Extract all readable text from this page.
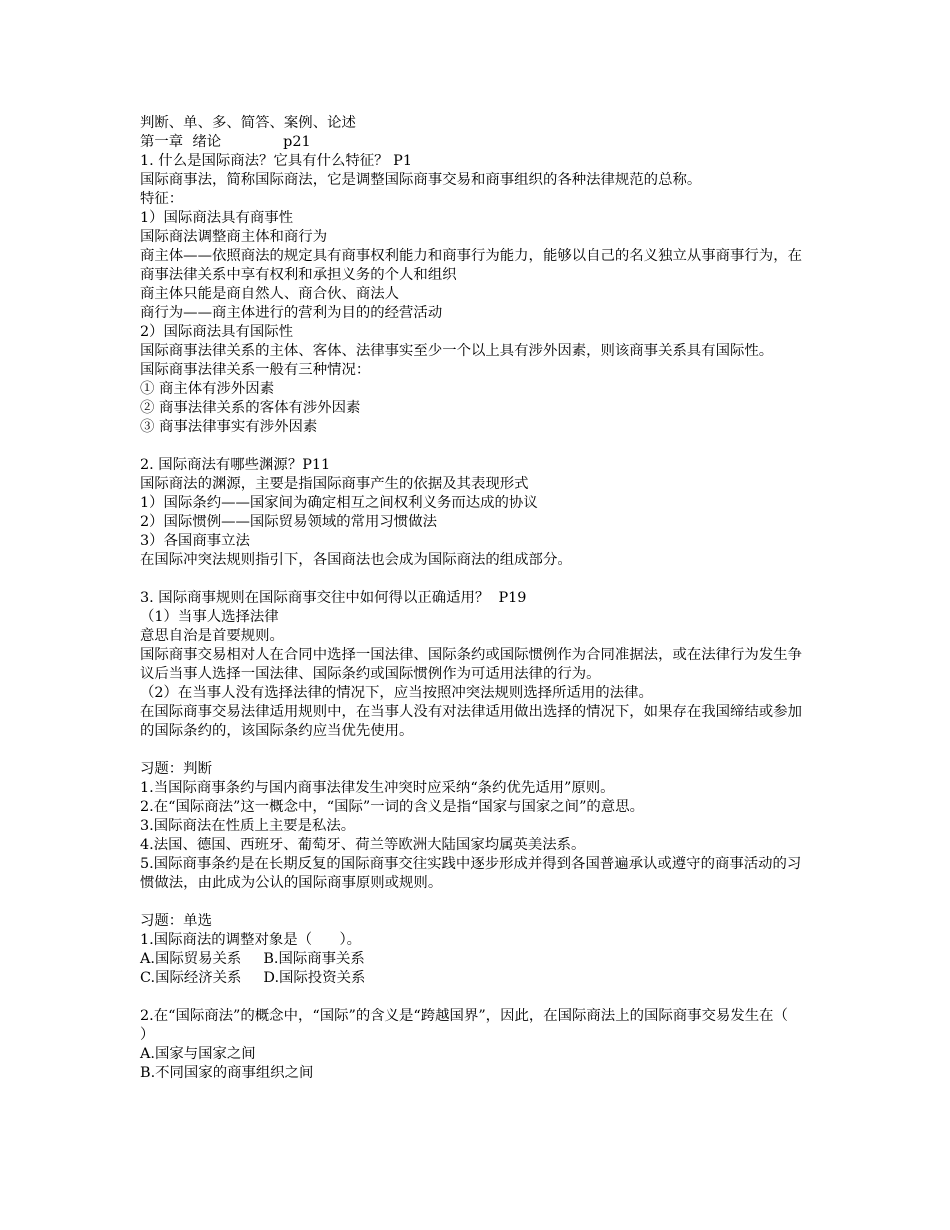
判断、单、多、简答、案例、论述

第一章  绪论	p21

1. 什么是国际商法？它具有什么特征？ P1

国际商事法，简称国际商法，它是调整国际商事交易和商事组织的各种法律规范的总称。

特征：

1）国际商法具有商事性

国际商法调整商主体和商行为

商主体——依照商法的规定具有商事权利能力和商事行为能力，能够以自己的名义独立从事商事行为，在商事法律关系中享有权利和承担义务的个人和组织

商主体只能是商自然人、商合伙、商法人

商行为——商主体进行的营利为目的的经营活动

2）国际商法具有国际性

国际商事法律关系的主体、客体、法律事实至少一个以上具有涉外因素，则该商事关系具有国际性。

国际商事法律关系一般有三种情况：

① 商主体有涉外因素

② 商事法律关系的客体有涉外因素

③ 商事法律事实有涉外因素

2. 国际商法有哪些渊源？P11

国际商法的渊源，主要是指国际商事产生的依据及其表现形式

1）国际条约——国家间为确定相互之间权利义务而达成的协议

2）国际惯例——国际贸易领域的常用习惯做法

3）各国商事立法

在国际冲突法规则指引下，各国商法也会成为国际商法的组成部分。

3. 国际商事规则在国际商事交往中如何得以正确适用？  P19

（1）当事人选择法律

意思自治是首要规则。

国际商事交易相对人在合同中选择一国法律、国际条约或国际惯例作为合同准据法，或在法律行为发生争议后当事人选择一国法律、国际条约或国际惯例作为可适用法律的行为。

（2）在当事人没有选择法律的情况下，应当按照冲突法规则选择所适用的法律。

在国际商事交易法律适用规则中，在当事人没有对法律适用做出选择的情况下，如果存在我国缔结或参加的国际条约的，该国际条约应当优先使用。

习题：判断

1.当国际商事条约与国内商事法律发生冲突时应采纳“条约优先适用”原则。

2.在“国际商法”这一概念中，“国际”一词的含义是指“国家与国家之间”的意思。

3.国际商法在性质上主要是私法。

4.法国、德国、西班牙、葡萄牙、荷兰等欧洲大陆国家均属英美法系。

5.国际商事条约是在长期反复的国际商事交往实践中逐步形成并得到各国普遍承认或遵守的商事活动的习惯做法，由此成为公认的国际商事原则或规则。

习题：单选

1.国际商法的调整对象是（      ）。

A.国际贸易关系 B.国际商事关系

C.国际经济关系 D.国际投资关系

2.在“国际商法”的概念中，“国际”的含义是“跨越国界”，因此，在国际商法上的国际商事交易发生在（      ）

A.国家与国家之间

B.不同国家的商事组织之间
